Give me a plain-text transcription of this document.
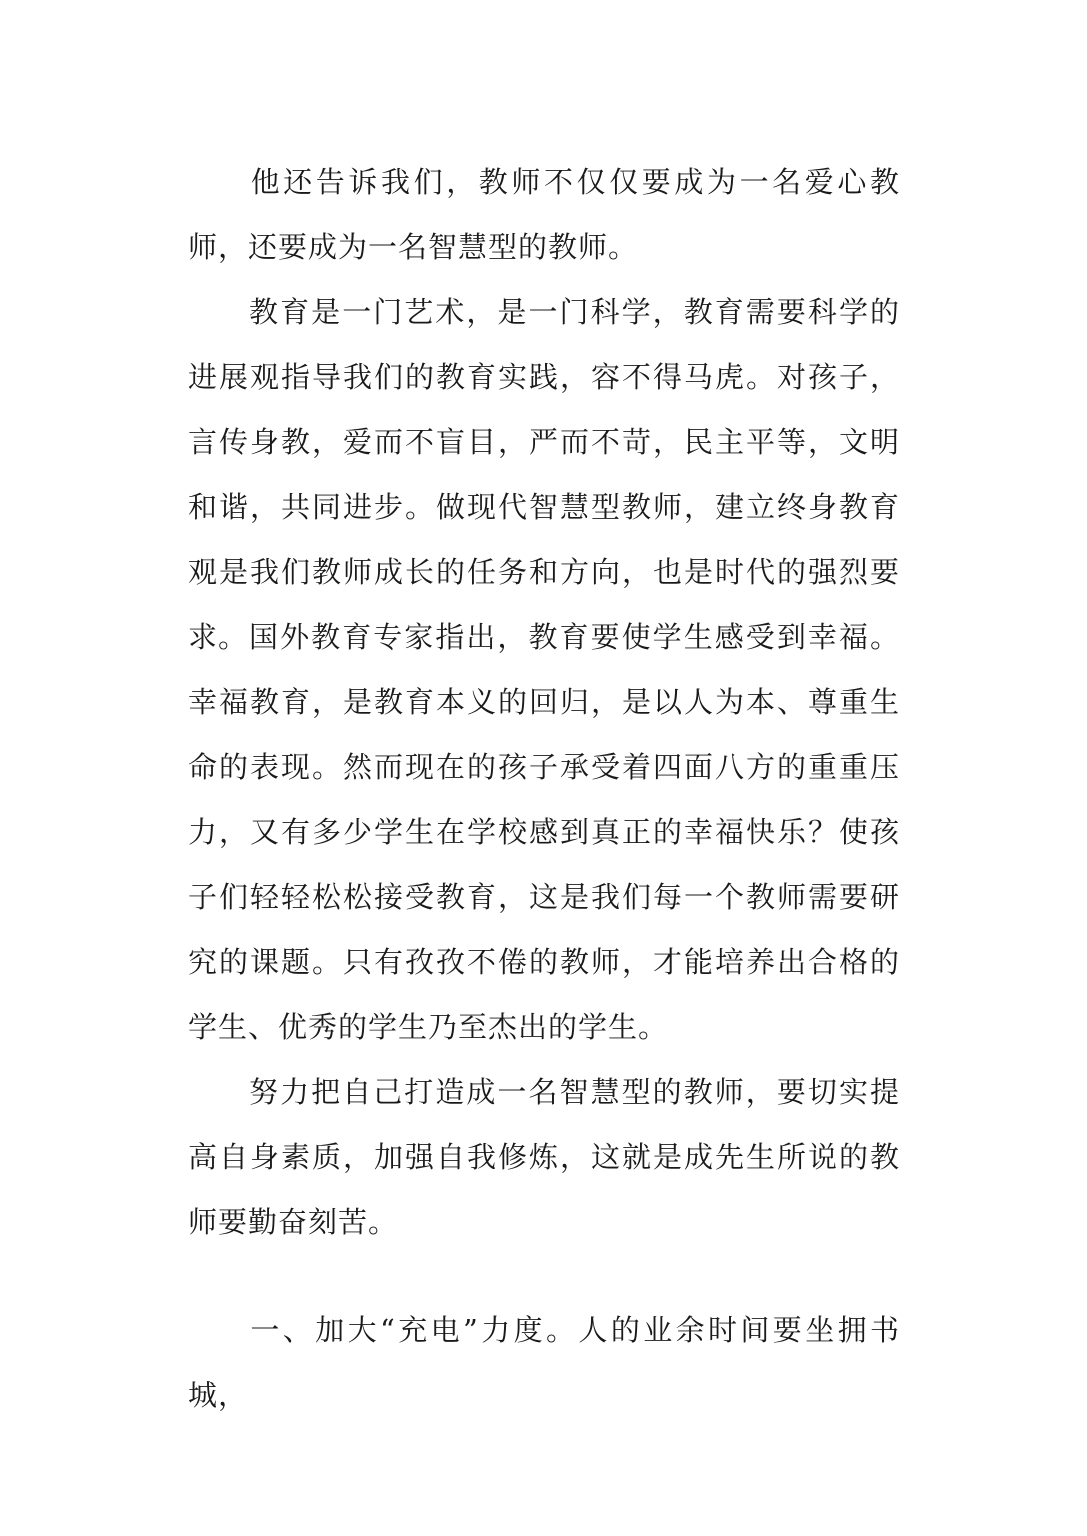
他还告诉我们，教师不仅仅要成为一名爱心教师，还要成为一名智慧型的教师。

教育是一门艺术，是一门科学，教育需要科学的进展观指导我们的教育实践，容不得马虎。对孩子，言传身教，爱而不盲目，严而不苛，民主平等，文明和谐，共同进步。做现代智慧型教师，建立终身教育观是我们教师成长的任务和方向，也是时代的强烈要求。 国外教育专家指出，教育要使学生感受到幸福。幸福教育，是教育本义的回归，是以人为本、尊重生命的表现。然而现在的孩子承受着四面八方的重重压力，又有多少学生在学校感到真正的幸福快乐？使孩子们轻轻松松接受教育，这是我们每一个教师需要研究的课题。只有孜孜不倦的教师，才能培养出合格的学生、优秀的学生乃至杰出的学生。

努力把自己打造成一名智慧型的教师，要切实提高自身素质，加强自我修炼，这就是成先生所说的教师要勤奋刻苦。

一、加大“充电”力度。人的业余时间要坐拥书城，
